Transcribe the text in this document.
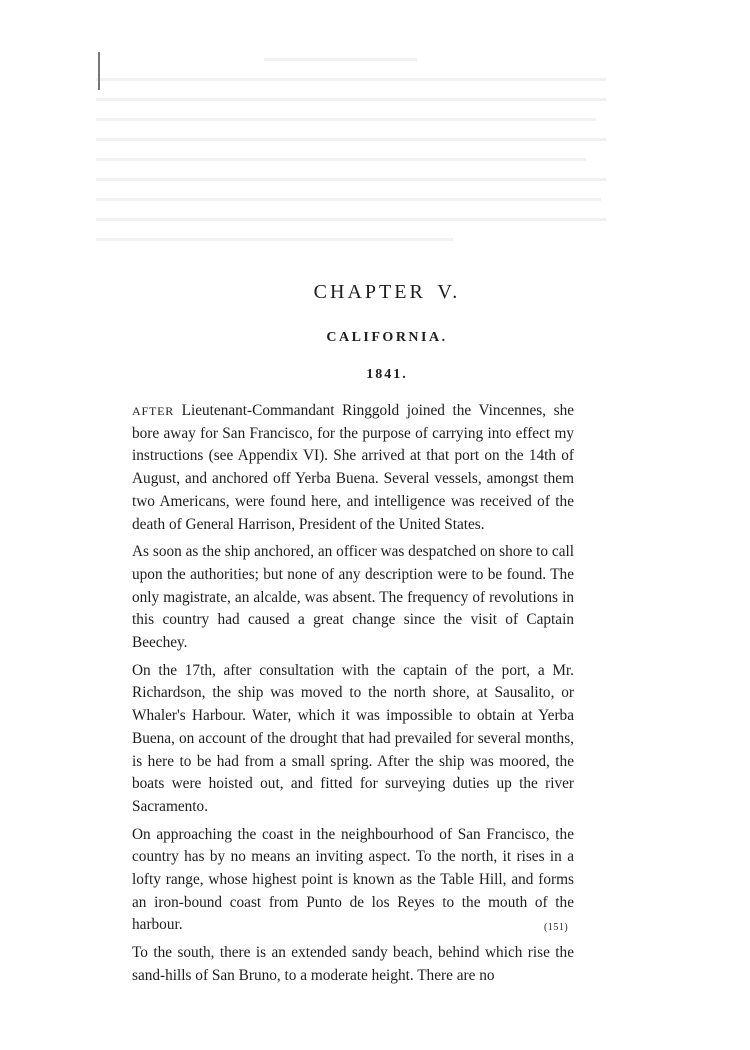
CHAPTER V.
CALIFORNIA.
1841.

AFTER Lieutenant-Commandant Ringgold joined the Vincennes, she bore away for San Francisco, for the purpose of carrying into effect my instructions (see Appendix VI). She arrived at that port on the 14th of August, and anchored off Yerba Buena. Several vessels, amongst them two Americans, were found here, and intelligence was received of the death of General Harrison, President of the United States.

As soon as the ship anchored, an officer was despatched on shore to call upon the authorities; but none of any description were to be found. The only magistrate, an alcalde, was absent. The frequency of revolutions in this country had caused a great change since the visit of Captain Beechey.

On the 17th, after consultation with the captain of the port, a Mr. Richardson, the ship was moved to the north shore, at Sausalito, or Whaler's Harbour. Water, which it was impossible to obtain at Yerba Buena, on account of the drought that had prevailed for several months, is here to be had from a small spring. After the ship was moored, the boats were hoisted out, and fitted for surveying duties up the river Sacramento.

On approaching the coast in the neighbourhood of San Francisco, the country has by no means an inviting aspect. To the north, it rises in a lofty range, whose highest point is known as the Table Hill, and forms an iron-bound coast from Punto de los Reyes to the mouth of the harbour.

To the south, there is an extended sandy beach, behind which rise the sand-hills of San Bruno, to a moderate height. There are no

(151)
